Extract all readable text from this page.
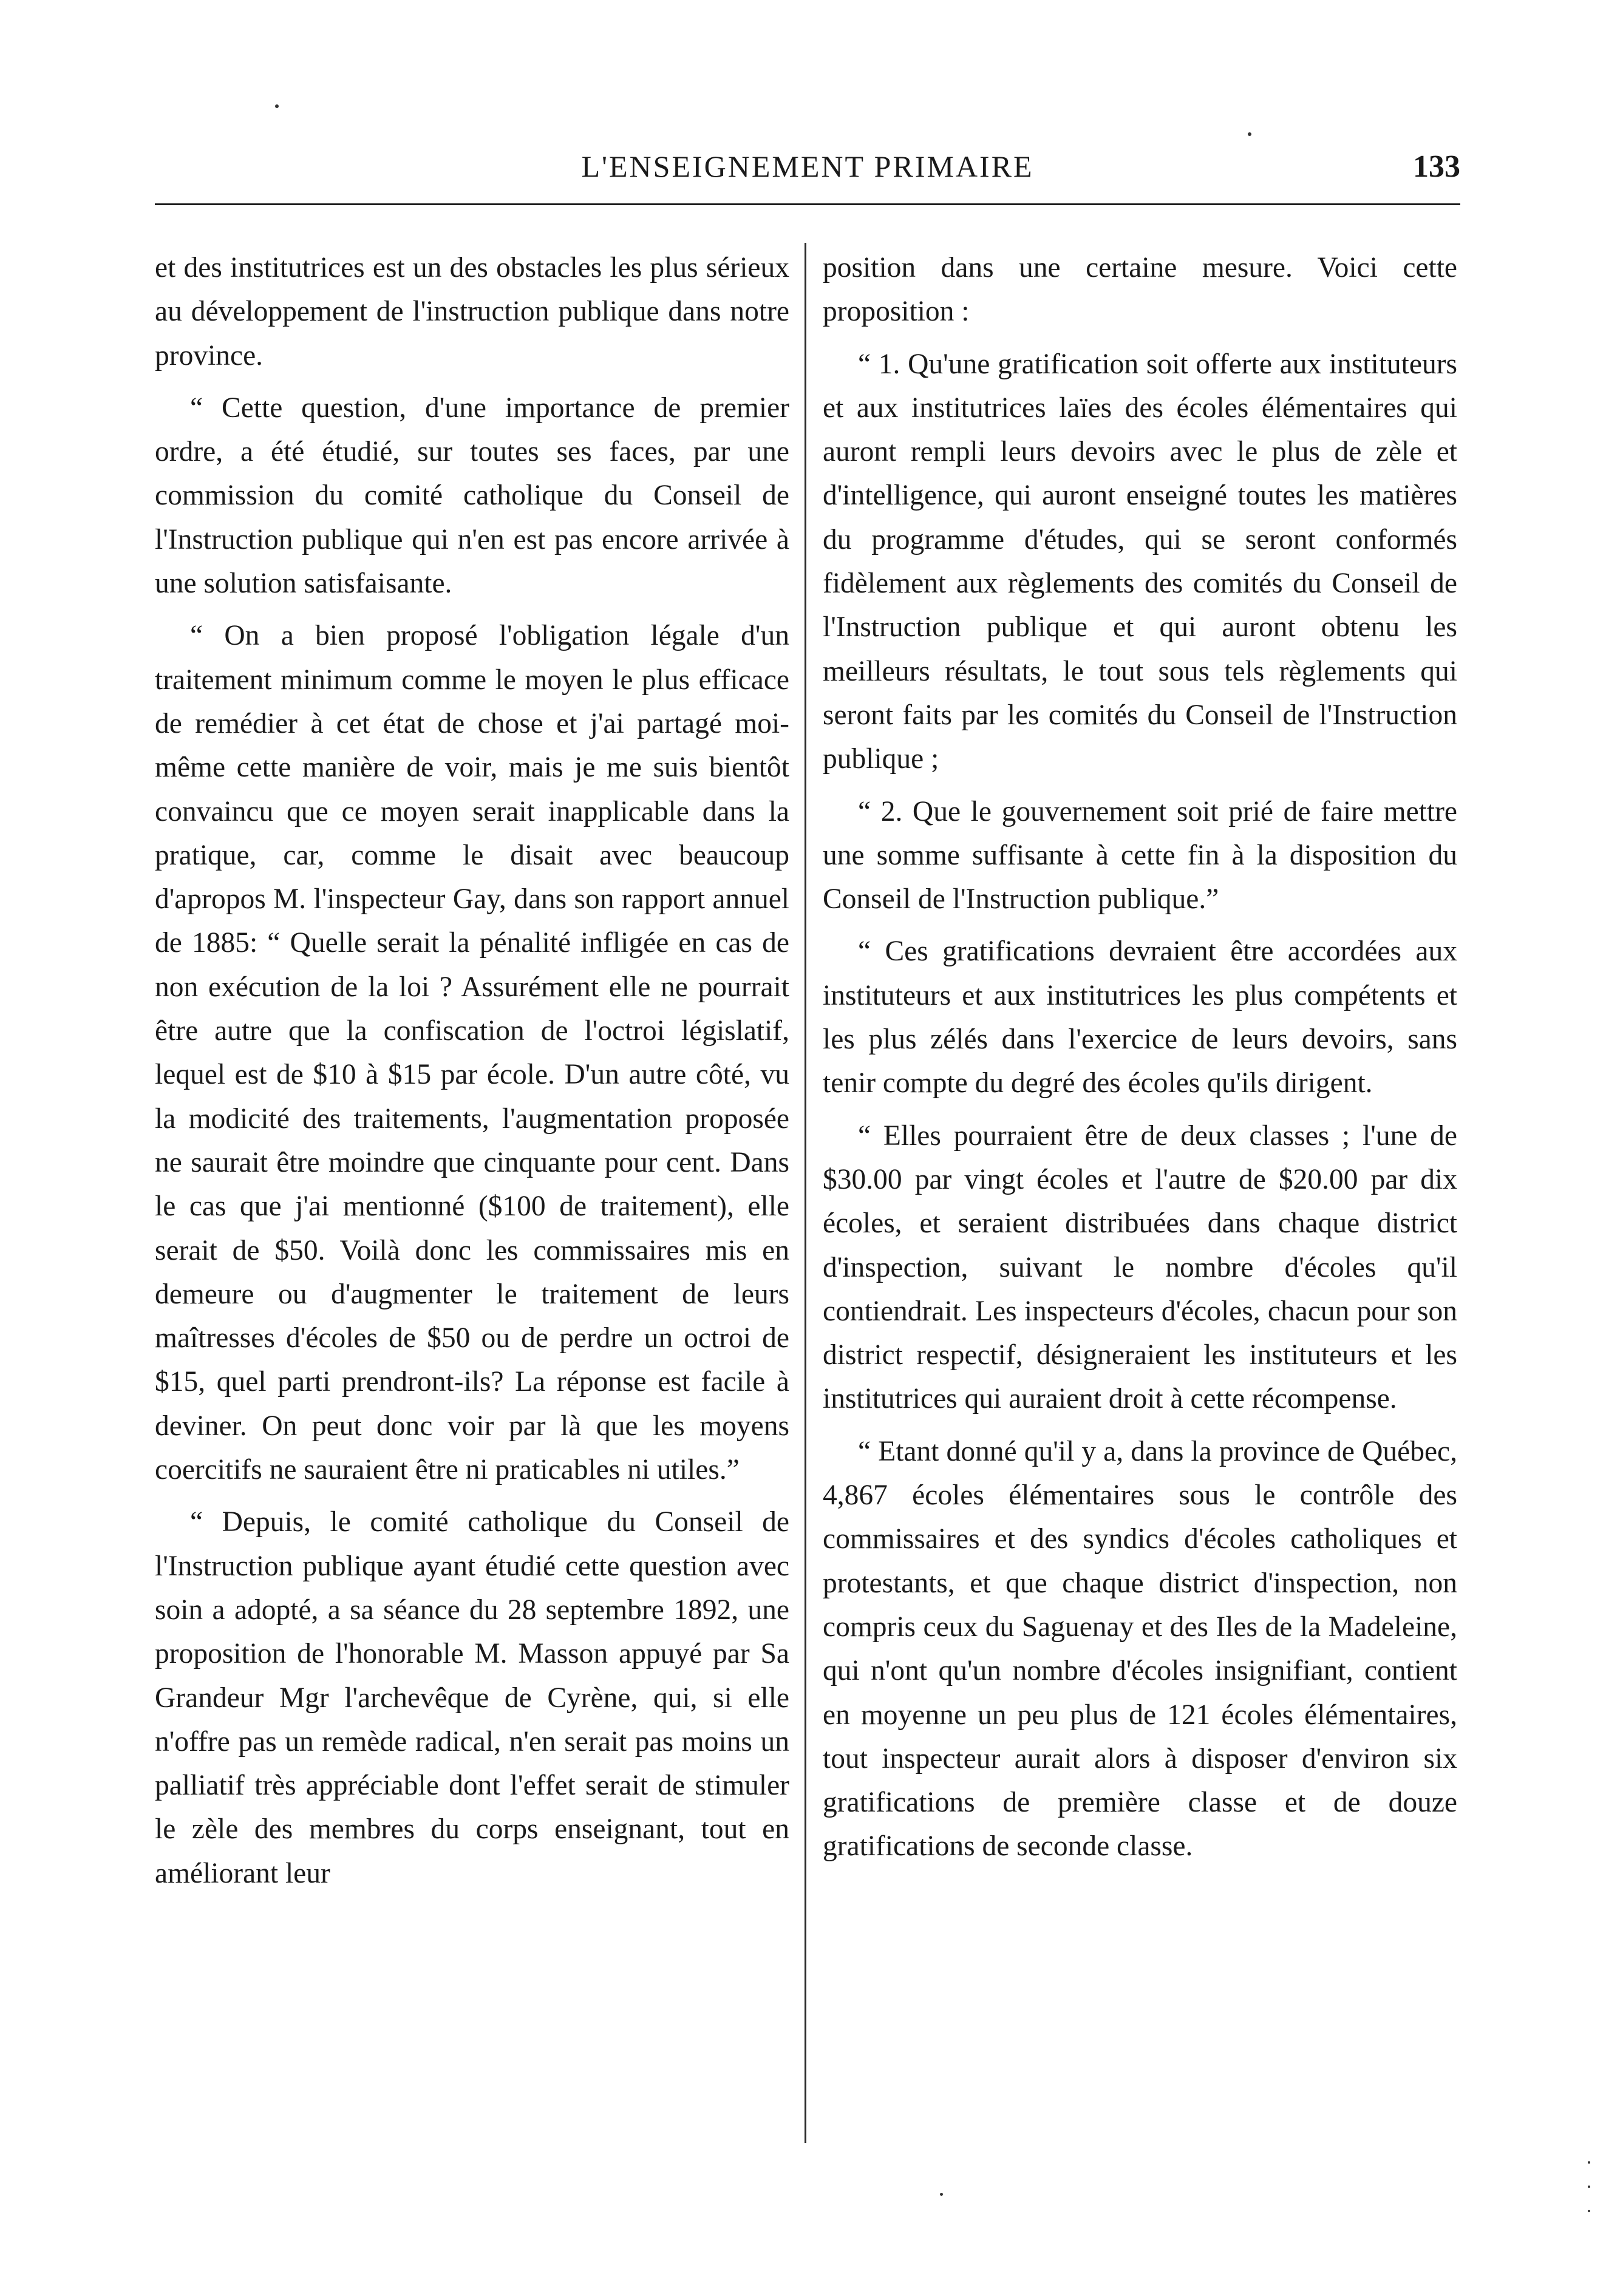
L'ENSEIGNEMENT PRIMAIRE	133

et des institutrices est un des obstacles les plus sérieux au développement de l'instruction publique dans notre province.

“ Cette question, d'une importance de premier ordre, a été étudié, sur toutes ses faces, par une commission du comité catholique du Conseil de l'Instruction publique qui n'en est pas encore arrivée à une solution satisfaisante.

“ On a bien proposé l'obligation légale d'un traitement minimum comme le moyen le plus efficace de remédier à cet état de chose et j'ai partagé moi-même cette manière de voir, mais je me suis bientôt convaincu que ce moyen serait inapplicable dans la pratique, car, comme le disait avec beaucoup d'apropos M. l'inspecteur Gay, dans son rapport annuel de 1885: “ Quelle serait la pénalité infligée en cas de non exécution de la loi ? Assurément elle ne pourrait être autre que la confiscation de l'octroi législatif, lequel est de $10 à $15 par école. D'un autre côté, vu la modicité des traitements, l'augmentation proposée ne saurait être moindre que cinquante pour cent. Dans le cas que j'ai mentionné ($100 de traitement), elle serait de $50. Voilà donc les commissaires mis en demeure ou d'augmenter le traitement de leurs maîtresses d'écoles de $50 ou de perdre un octroi de $15, quel parti prendront-ils? La réponse est facile à deviner. On peut donc voir par là que les moyens coercitifs ne sauraient être ni praticables ni utiles.”

“ Depuis, le comité catholique du Conseil de l'Instruction publique ayant étudié cette question avec soin a adopté, a sa séance du 28 septembre 1892, une proposition de l'honorable M. Masson appuyé par Sa Grandeur Mgr l'archevêque de Cyrène, qui, si elle n'offre pas un remède radical, n'en serait pas moins un palliatif très appréciable dont l'effet serait de stimuler le zèle des membres du corps enseignant, tout en améliorant leur

position dans une certaine mesure. Voici cette proposition :

“ 1. Qu'une gratification soit offerte aux instituteurs et aux institutrices laïes des écoles élémentaires qui auront rempli leurs devoirs avec le plus de zèle et d'intelligence, qui auront enseigné toutes les matières du programme d'études, qui se seront conformés fidèlement aux règlements des comités du Conseil de l'Instruction publique et qui auront obtenu les meilleurs résultats, le tout sous tels règlements qui seront faits par les comités du Conseil de l'Instruction publique ;

“ 2. Que le gouvernement soit prié de faire mettre une somme suffisante à cette fin à la disposition du Conseil de l'Instruction publique.”

“ Ces gratifications devraient être accordées aux instituteurs et aux institutrices les plus compétents et les plus zélés dans l'exercice de leurs devoirs, sans tenir compte du degré des écoles qu'ils dirigent.

“ Elles pourraient être de deux classes ; l'une de $30.00 par vingt écoles et l'autre de $20.00 par dix écoles, et seraient distribuées dans chaque district d'inspection, suivant le nombre d'écoles qu'il contiendrait. Les inspecteurs d'écoles, chacun pour son district respectif, désigneraient les instituteurs et les institutrices qui auraient droit à cette récompense.

“ Etant donné qu'il y a, dans la province de Québec, 4,867 écoles élémentaires sous le contrôle des commissaires et des syndics d'écoles catholiques et protestants, et que chaque district d'inspection, non compris ceux du Saguenay et des Iles de la Madeleine, qui n'ont qu'un nombre d'écoles insignifiant, contient en moyenne un peu plus de 121 écoles élémentaires, tout inspecteur aurait alors à disposer d'environ six gratifications de première classe et de douze gratifications de seconde classe.
